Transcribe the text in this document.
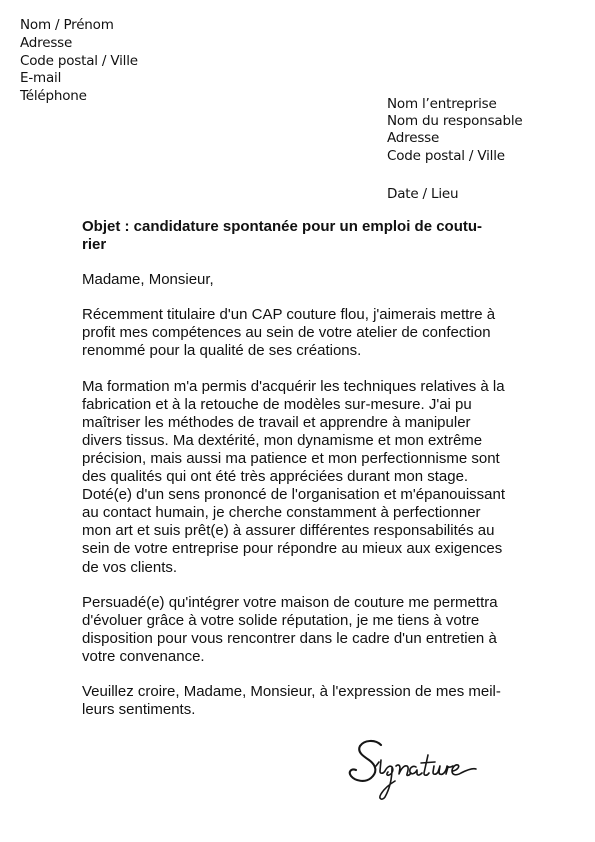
Nom / Prénom
Adresse
Code postal / Ville
E-mail
Téléphone	Nom l’entreprise
Nom du responsable
Adresse
Code postal / Ville
Date / Lieu
Objet : candidature spontanée pour un emploi de coutu-
rier
Madame, Monsieur,
Récemment titulaire d'un CAP couture flou, j'aimerais mettre à
profit mes compétences au sein de votre atelier de confection
renommé pour la qualité de ses créations.
Ma formation m'a permis d'acquérir les techniques relatives à la
fabrication et à la retouche de modèles sur-mesure. J'ai pu
maîtriser les méthodes de travail et apprendre à manipuler
divers tissus. Ma dextérité, mon dynamisme et mon extrême
précision, mais aussi ma patience et mon perfectionnisme sont
des qualités qui ont été très appréciées durant mon stage.
Doté(e) d'un sens prononcé de l'organisation et m'épanouissant
au contact humain, je cherche constamment à perfectionner
mon art et suis prêt(e) à assurer différentes responsabilités au
sein de votre entreprise pour répondre au mieux aux exigences
de vos clients.
Persuadé(e) qu'intégrer votre maison de couture me permettra
d'évoluer grâce à votre solide réputation, je me tiens à votre
disposition pour vous rencontrer dans le cadre d'un entretien à
votre convenance.
Veuillez croire, Madame, Monsieur, à l'expression de mes meil-
leurs sentiments.
